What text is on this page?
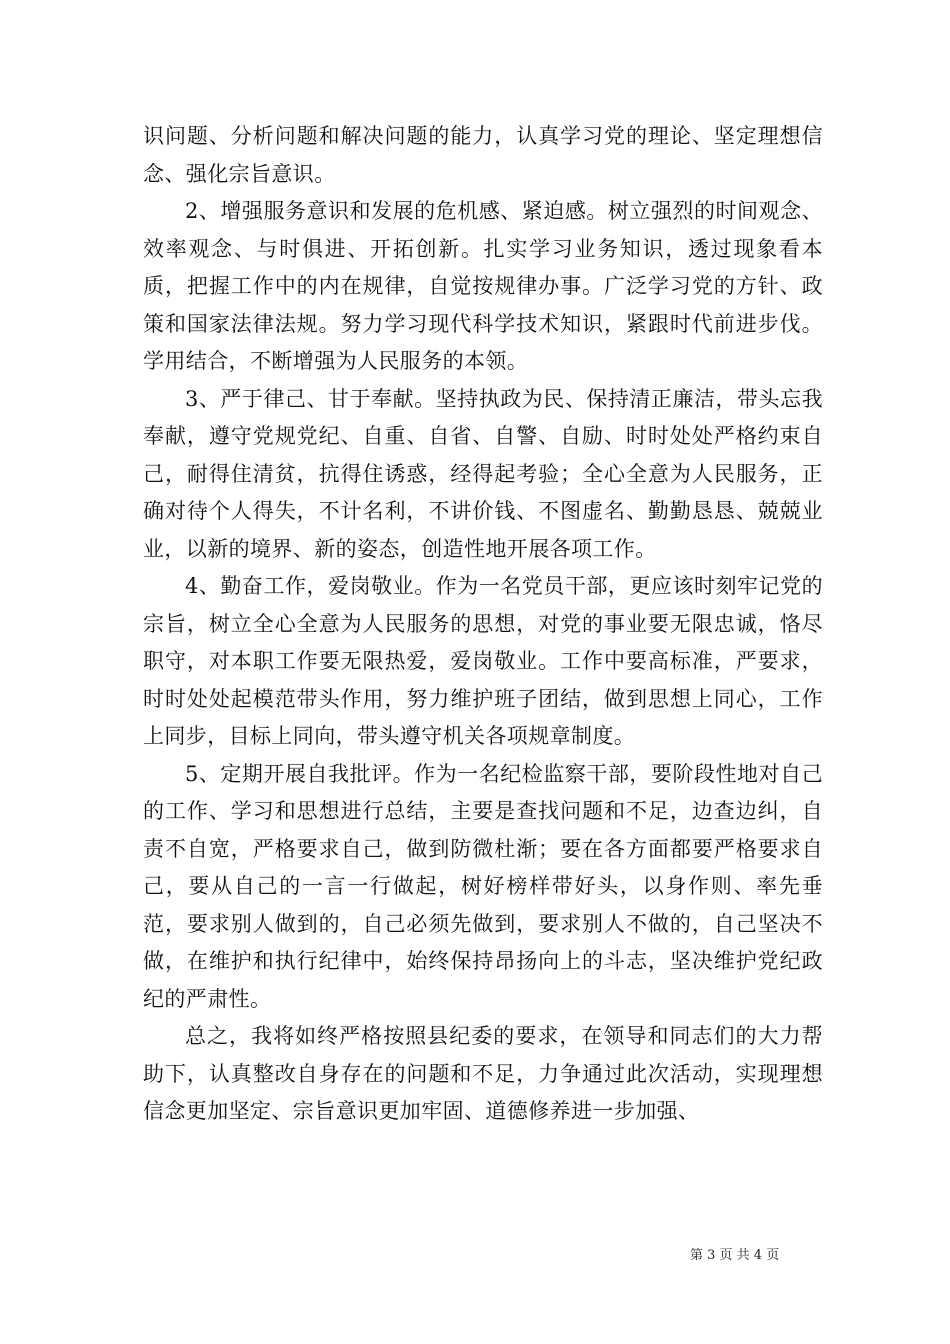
识问题、分析问题和解决问题的能力，认真学习党的理论、坚定理想信念、强化宗旨意识。

2、增强服务意识和发展的危机感、紧迫感。树立强烈的时间观念、效率观念、与时俱进、开拓创新。扎实学习业务知识，透过现象看本质，把握工作中的内在规律，自觉按规律办事。广泛学习党的方针、政策和国家法律法规。努力学习现代科学技术知识，紧跟时代前进步伐。学用结合，不断增强为人民服务的本领。

3、严于律己、甘于奉献。坚持执政为民、保持清正廉洁，带头忘我奉献，遵守党规党纪、自重、自省、自警、自励、时时处处严格约束自己，耐得住清贫，抗得住诱惑，经得起考验；全心全意为人民服务，正确对待个人得失，不计名利，不讲价钱、不图虚名、勤勤恳恳、兢兢业业，以新的境界、新的姿态，创造性地开展各项工作。

4、勤奋工作，爱岗敬业。作为一名党员干部，更应该时刻牢记党的宗旨，树立全心全意为人民服务的思想，对党的事业要无限忠诚，恪尽职守，对本职工作要无限热爱，爱岗敬业。工作中要高标准，严要求，时时处处起模范带头作用，努力维护班子团结，做到思想上同心，工作上同步，目标上同向，带头遵守机关各项规章制度。

5、定期开展自我批评。作为一名纪检监察干部，要阶段性地对自己的工作、学习和思想进行总结，主要是查找问题和不足，边查边纠，自责不自宽，严格要求自己，做到防微杜渐；要在各方面都要严格要求自己，要从自己的一言一行做起，树好榜样带好头，以身作则、率先垂范，要求别人做到的，自己必须先做到，要求别人不做的，自己坚决不做，在维护和执行纪律中，始终保持昂扬向上的斗志，坚决维护党纪政纪的严肃性。

总之，我将如终严格按照县纪委的要求，在领导和同志们的大力帮助下，认真整改自身存在的问题和不足，力争通过此次活动，实现理想信念更加坚定、宗旨意识更加牢固、道德修养进一步加强、

第 3 页 共 4 页
